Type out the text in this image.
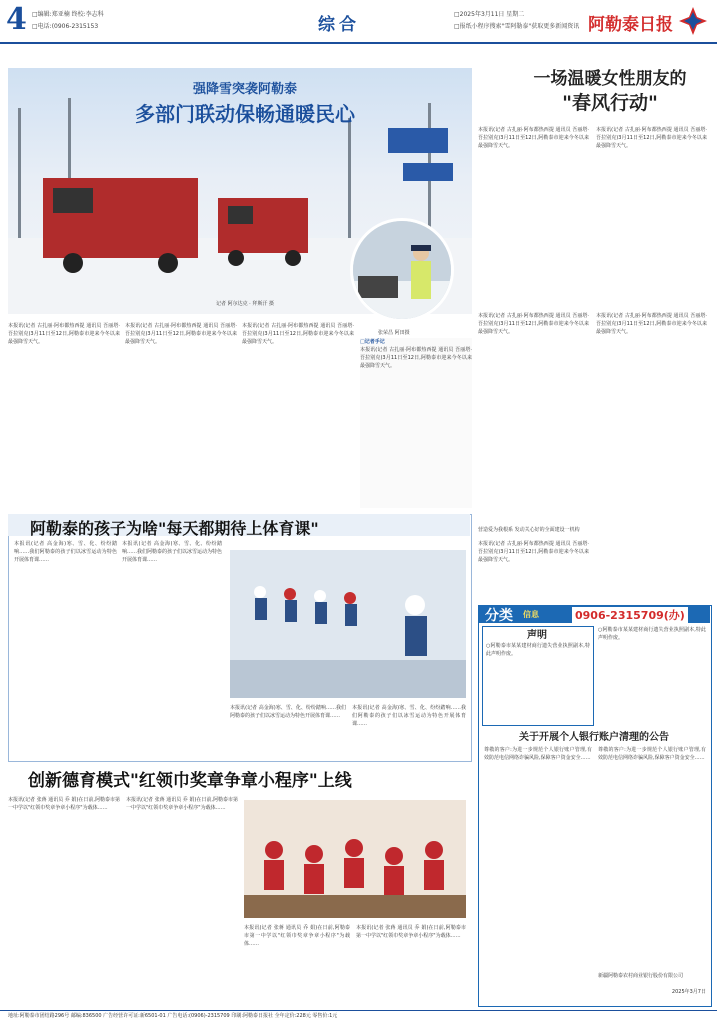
4 □编辑:郑亚楠 终校:李志科
□电话:(0906-2315153	综合
□2025年3月11日 星期二
□报纸小程序搜索"雪阿勒泰"获取更多新闻资讯 阿勒泰日报
强降雪突袭阿勒泰
多部门联动保畅通暖民心
记者 阿尔达克 · 拜斯汗 摄
张荣昌 阿田摄
本报讯(记者 古扎丽·阿布都热西提 通讯员 吾丽塔·吾拉别克)3月11日至12日,阿勒泰市迎来今冬以来最强降雪天气。
本报讯(记者 古扎丽·阿布都热西提 通讯员 吾丽塔·吾拉别克)3月11日至12日,阿勒泰市迎来今冬以来最强降雪天气。
本报讯(记者 古扎丽·阿布都热西提 通讯员 吾丽塔·吾拉别克)3月11日至12日,阿勒泰市迎来今冬以来最强降雪天气。	□记者手记
本报讯(记者 古扎丽·阿布都热西提 通讯员 吾丽塔·吾拉别克)3月11日至12日,阿勒泰市迎来今冬以来最强降雪天气。
一场温暖女性朋友的
"春风行动"
本报讯(记者 古扎丽·阿布都热西提 通讯员 吾丽塔·吾拉别克)3月11日至12日,阿勒泰市迎来今冬以来最强降雪天气。
本报讯(记者 古扎丽·阿布都热西提 通讯员 吾丽塔·吾拉别克)3月11日至12日,阿勒泰市迎来今冬以来最强降雪天气。
本报讯(记者 古扎丽·阿布都热西提 通讯员 吾丽塔·吾拉别克)3月11日至12日,阿勒泰市迎来今冬以来最强降雪天气。
本报讯(记者 古扎丽·阿布都热西提 通讯员 吾丽塔·吾拉别克)3月11日至12日,阿勒泰市迎来今冬以来最强降雪天气。
营造爱为我根系 发动关心好的全面建设一机构
本报讯(记者 古扎丽·阿布都热西提 通讯员 吾丽塔·吾拉别克)3月11日至12日,阿勒泰市迎来今冬以来最强降雪天气。
阿勒泰的孩子为啥"每天都期待上体育课"
本报讯(记者 高金海)寒、雪、化、纷纷踏响……我们阿勒泰的孩子们以冰雪运动为特色开展体育课……
本报讯(记者 高金海)寒、雪、化、纷纷踏响……我们阿勒泰的孩子们以冰雪运动为特色开展体育课……
本报讯(记者 高金海)寒、雪、化、纷纷踏响……我们阿勒泰的孩子们以冰雪运动为特色开展体育课……
本报讯(记者 高金海)寒、雪、化、纷纷踏响……我们阿勒泰的孩子们以冰雪运动为特色开展体育课……
创新德育模式"红领巾奖章争章小程序"上线
本报讯(记者 张蒋 通讯员 乔 娟)在日前,阿勒泰市第一中学以"红领巾奖章争章小程序"为载体……
本报讯(记者 张蒋 通讯员 乔 娟)在日前,阿勒泰市第一中学以"红领巾奖章争章小程序"为载体……
本报讯(记者 张蒋 通讯员 乔 娟)在日前,阿勒泰市第一中学以"红领巾奖章争章小程序"为载体……
本报讯(记者 张蒋 通讯员 乔 娟)在日前,阿勒泰市第一中学以"红领巾奖章争章小程序"为载体……
分类 信息	0906-2315709(办)
声明
○阿勒泰市某某建材商行遗失营业执照副本,特此声明作废。
○阿勒泰市某某建材商行遗失营业执照副本,特此声明作废。
关于开展个人银行账户清理的公告
尊敬的客户:为进一步规范个人银行账户管理,有效防范电信网络诈骗风险,保障客户资金安全……
尊敬的客户:为进一步规范个人银行账户管理,有效防范电信网络诈骗风险,保障客户资金安全……
新疆阿勒泰农村商业银行股份有限公司
2025年3月7日
地址:阿勒泰市团结路296号 邮编:836500 广告经营许可证:新6501-01 广告电话:(0906)-2315709 印刷:阿勒泰日报社 全年定价:228元 零售价:1元
